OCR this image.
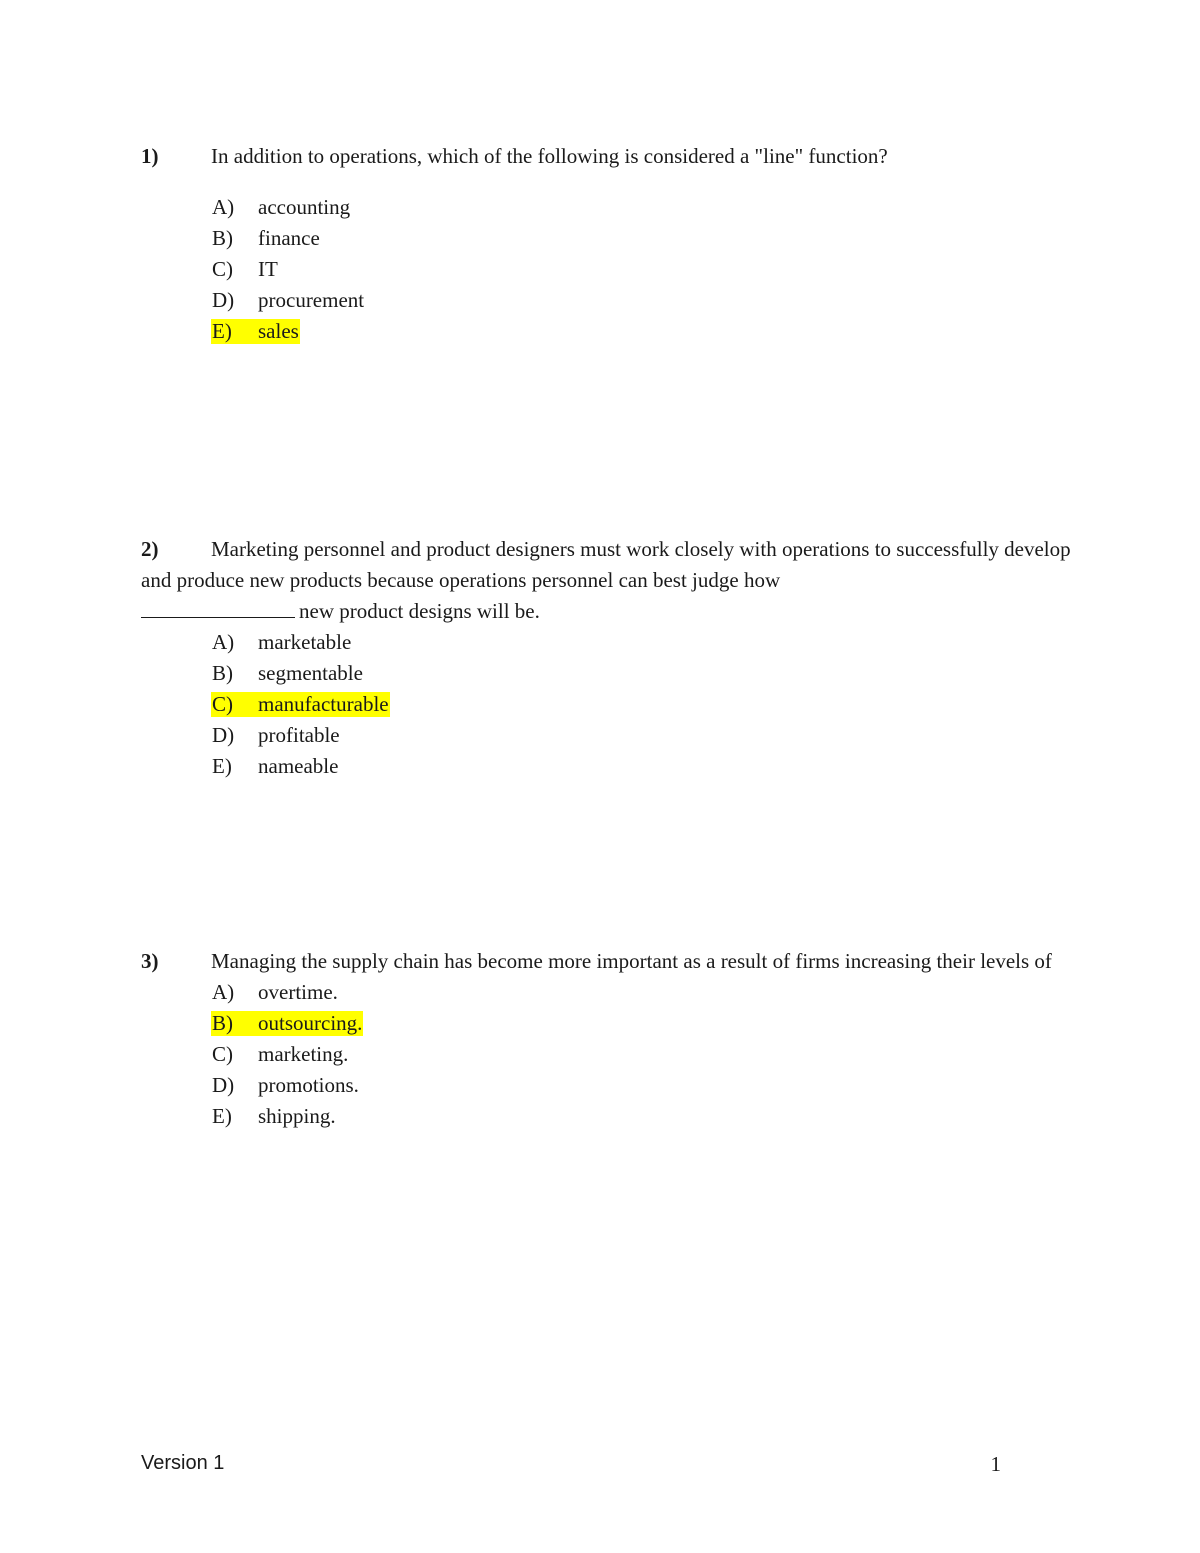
1)	In addition to operations, which of the following is considered a "line" function?

A) accounting
B) finance
C) IT
D) procurement
E) sales

2)	Marketing personnel and product designers must work closely with operations to successfully develop and produce new products because operations personnel can best judge how
new product designs will be.

A) marketable
B) segmentable
C) manufacturable
D) profitable
E) nameable

3)	Managing the supply chain has become more important as a result of firms increasing their levels of

A) overtime.
B) outsourcing.
C) marketing.
D) promotions.
E) shipping.
Version 1	1
